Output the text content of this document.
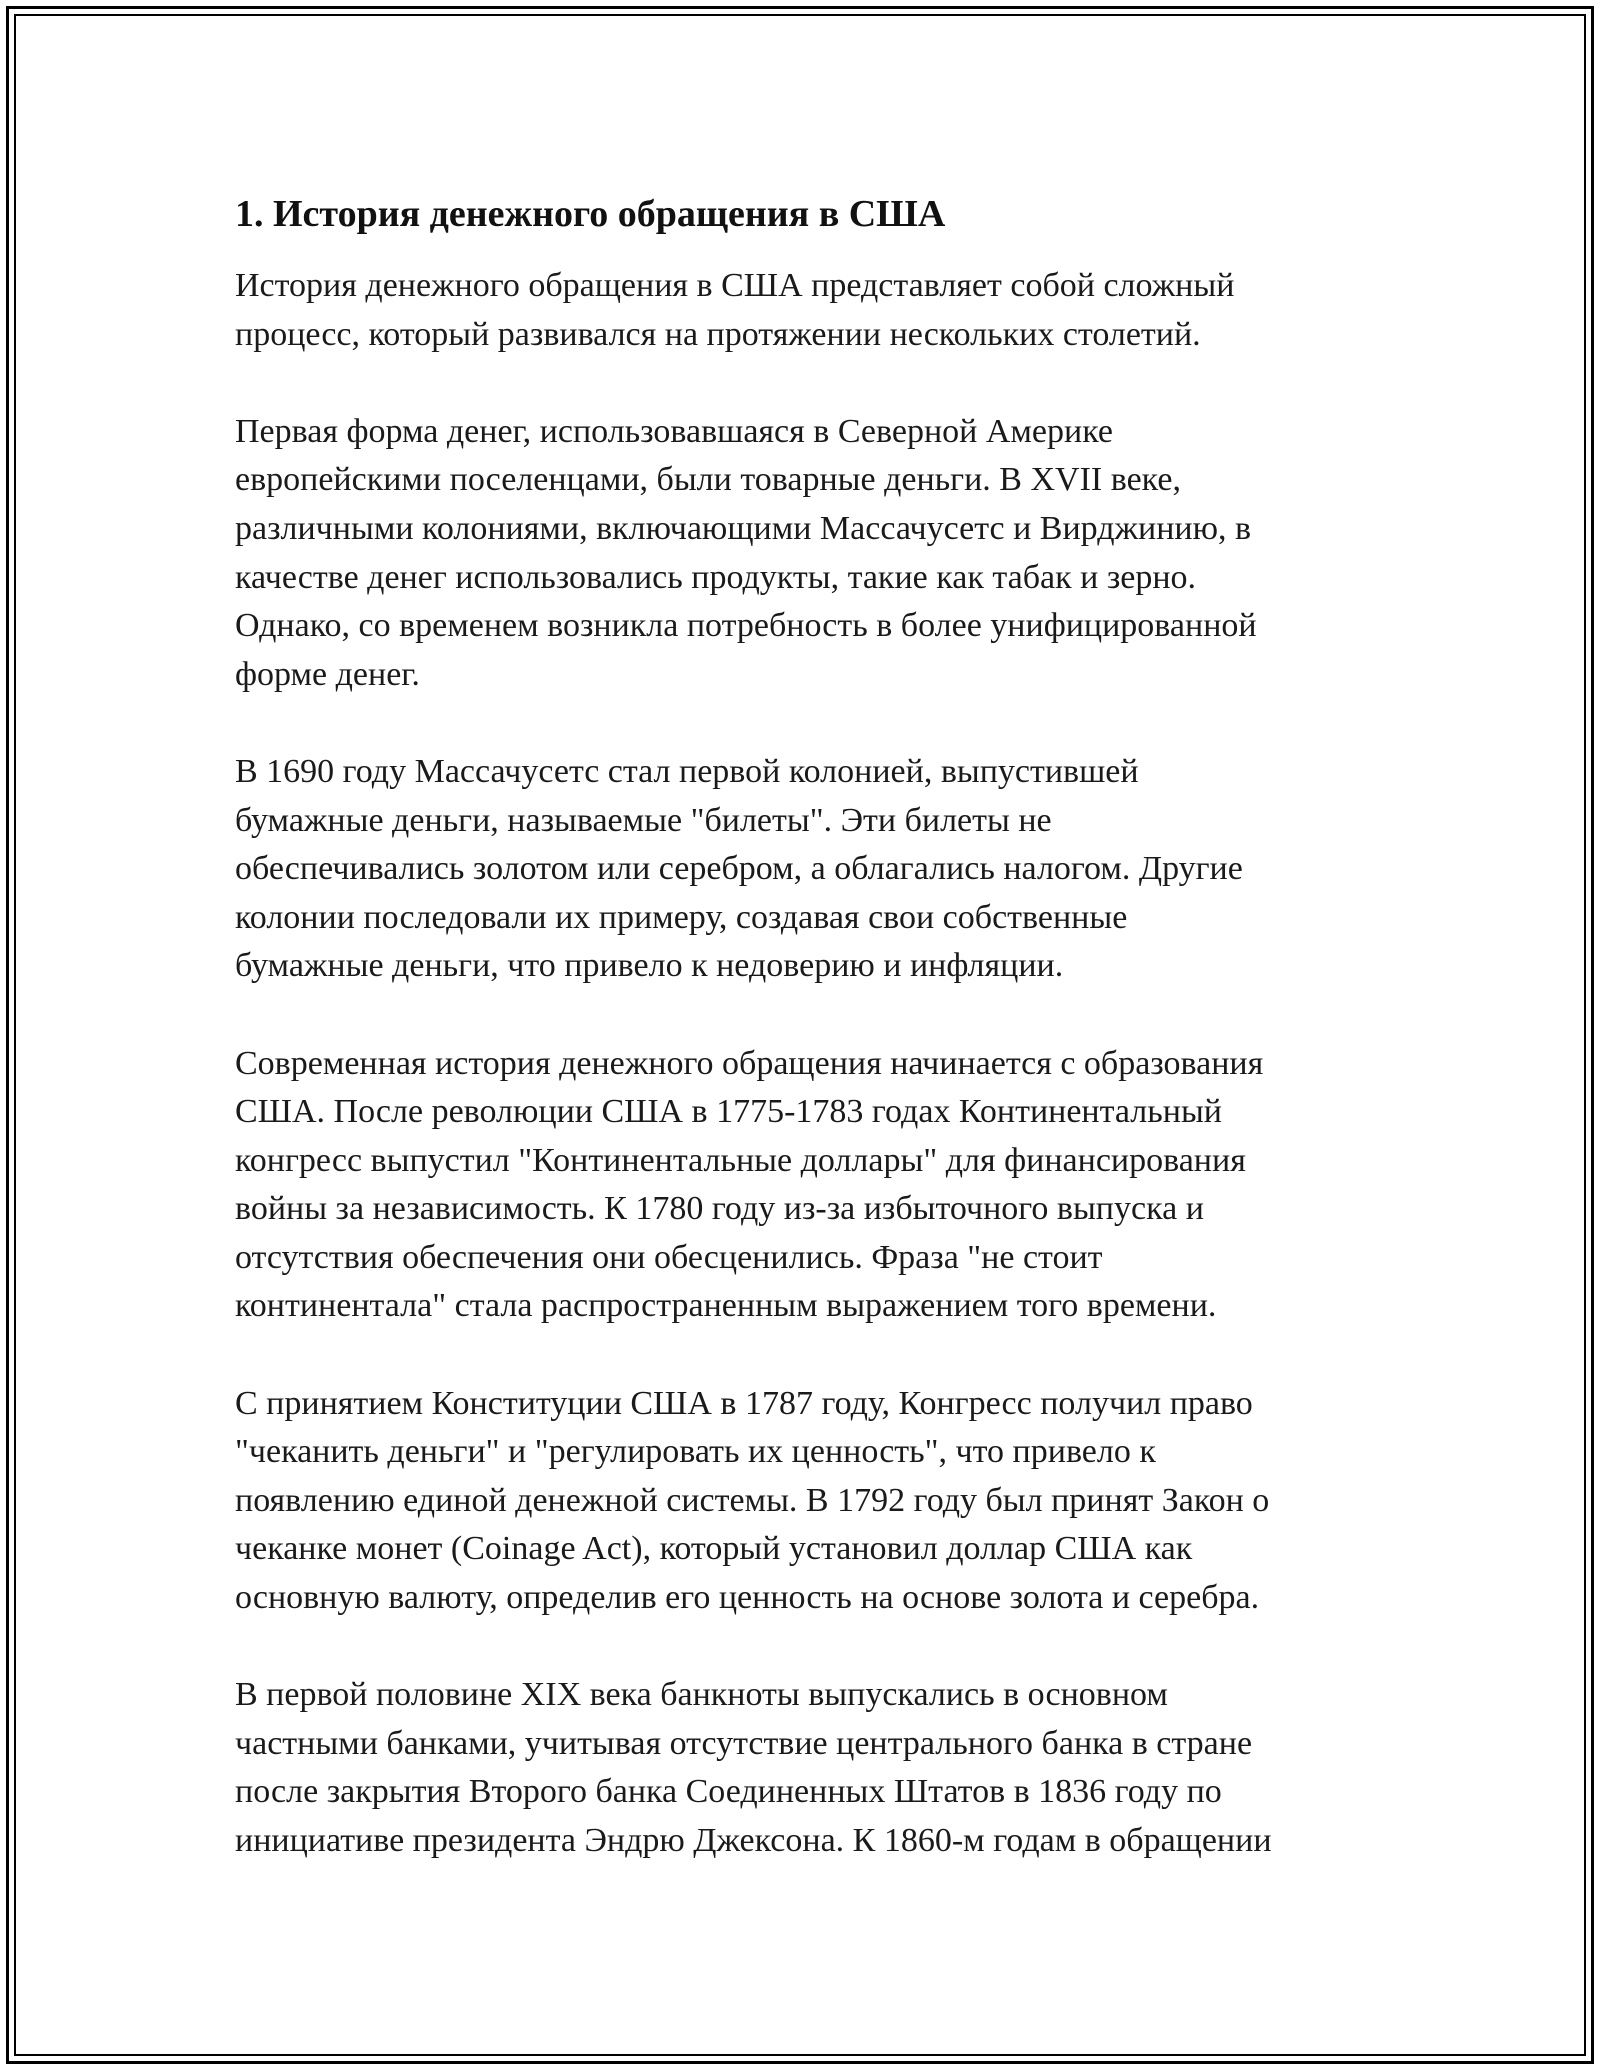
1. История денежного обращения в США

История денежного обращения в США представляет собой сложный
процесс, который развивался на протяжении нескольких столетий.

Первая форма денег, использовавшаяся в Северной Америке
европейскими поселенцами, были товарные деньги. В XVII веке,
различными колониями, включающими Массачусетс и Вирджинию, в
качестве денег использовались продукты, такие как табак и зерно.
Однако, со временем возникла потребность в более унифицированной
форме денег.

В 1690 году Массачусетс стал первой колонией, выпустившей
бумажные деньги, называемые "билеты". Эти билеты не
обеспечивались золотом или серебром, а облагались налогом. Другие
колонии последовали их примеру, создавая свои собственные
бумажные деньги, что привело к недоверию и инфляции.

Современная история денежного обращения начинается с образования
США. После революции США в 1775-1783 годах Континентальный
конгресс выпустил "Континентальные доллары" для финансирования
войны за независимость. К 1780 году из-за избыточного выпуска и
отсутствия обеспечения они обесценились. Фраза "не стоит
континентала" стала распространенным выражением того времени.

С принятием Конституции США в 1787 году, Конгресс получил право
"чеканить деньги" и "регулировать их ценность", что привело к
появлению единой денежной системы. В 1792 году был принят Закон о
чеканке монет (Coinage Act), который установил доллар США как
основную валюту, определив его ценность на основе золота и серебра.

В первой половине XIX века банкноты выпускались в основном
частными банками, учитывая отсутствие центрального банка в стране
после закрытия Второго банка Соединенных Штатов в 1836 году по
инициативе президента Эндрю Джексона. К 1860-м годам в обращении
